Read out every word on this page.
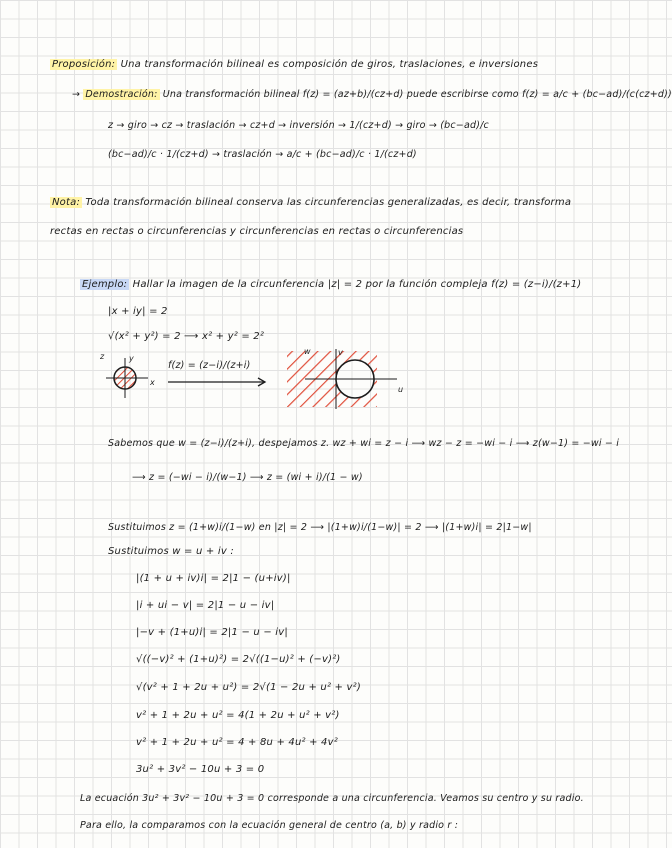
Proposición: Una transformación bilineal es composición de giros, traslaciones, e inversiones
→ Demostración: Una transformación bilineal f(z) = (az+b)/(cz+d) puede escribirse como f(z) = a/c + (bc−ad)/(c(cz+d))
z → giro → cz → traslación → cz+d → inversión → 1/(cz+d) → giro → (bc−ad)/c
(bc−ad)/c · 1/(cz+d) → traslación → a/c + (bc−ad)/c · 1/(cz+d)
Nota: Toda transformación bilineal conserva las circunferencias generalizadas, es decir, transforma
rectas en rectas o circunferencias y circunferencias en rectas o circunferencias
Ejemplo: Hallar la imagen de la circunferencia |z| = 2 por la función compleja f(z) = (z−i)/(z+1)
|x + iy| = 2
√(x² + y²) = 2 ⟶ x² + y² = 2²
z	y
x
f(z) = (z−i)/(z+i)
w	v
u
Sabemos que w = (z−i)/(z+i), despejamos z. wz + wi = z − i ⟶ wz − z = −wi − i ⟶ z(w−1) = −wi − i
⟶ z = (−wi − i)/(w−1) ⟶ z = (wi + i)/(1 − w)
Sustituimos z = (1+w)i/(1−w) en |z| = 2 ⟶ |(1+w)i/(1−w)| = 2 ⟶ |(1+w)i| = 2|1−w|
Sustituimos w = u + iv :
|(1 + u + iv)i| = 2|1 − (u+iv)|
|i + ui − v| = 2|1 − u − iv|
|−v + (1+u)i| = 2|1 − u − iv|
√((−v)² + (1+u)²) = 2√((1−u)² + (−v)²)
√(v² + 1 + 2u + u²) = 2√(1 − 2u + u² + v²)
v² + 1 + 2u + u² = 4(1 + 2u + u² + v²)
v² + 1 + 2u + u² = 4 + 8u + 4u² + 4v²
3u² + 3v² − 10u + 3 = 0
La ecuación 3u² + 3v² − 10u + 3 = 0 corresponde a una circunferencia. Veamos su centro y su radio.
Para ello, la comparamos con la ecuación general de centro (a, b) y radio r :
